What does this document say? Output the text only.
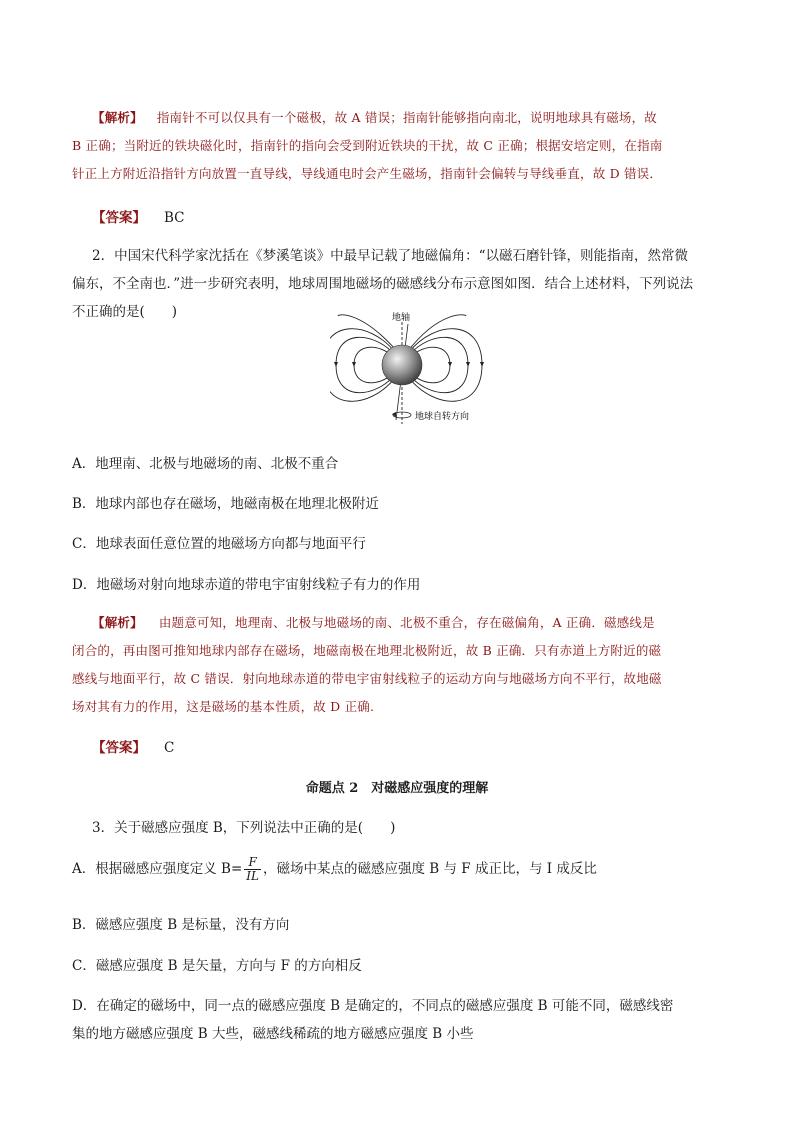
【解析】 指南针不可以仅具有一个磁极，故 A 错误；指南针能够指向南北，说明地球具有磁场，故
B 正确；当附近的铁块磁化时，指南针的指向会受到附近铁块的干扰，故 C 正确；根据安培定则，在指南
针正上方附近沿指针方向放置一直导线，导线通电时会产生磁场，指南针会偏转与导线垂直，故 D 错误．
【答案】 BC
2．中国宋代科学家沈括在《梦溪笔谈》中最早记载了地磁偏角：“以磁石磨针锋，则能指南，然常微
偏东，不全南也．”进一步研究表明，地球周围地磁场的磁感线分布示意图如图．结合上述材料，下列说法
不正确的是(　　)	地轴
地球自转方向
A．地理南、北极与地磁场的南、北极不重合
B．地球内部也存在磁场，地磁南极在地理北极附近
C．地球表面任意位置的地磁场方向都与地面平行
D．地磁场对射向地球赤道的带电宇宙射线粒子有力的作用
【解析】 由题意可知，地理南、北极与地磁场的南、北极不重合，存在磁偏角，A 正确．磁感线是
闭合的，再由图可推知地球内部存在磁场，地磁南极在地理北极附近，故 B 正确．只有赤道上方附近的磁
感线与地面平行，故 C 错误．射向地球赤道的带电宇宙射线粒子的运动方向与地磁场方向不平行，故地磁
场对其有力的作用，这是磁场的基本性质，故 D 正确.
【答案】 C
命题点 2　对磁感应强度的理解
3．关于磁感应强度 B，下列说法中正确的是(　　)
A．根据磁感应强度定义 $B= \frac{F}{IL}$ ，磁场中某点的磁感应强度 B 与 F 成正比，与 I 成反比
B．磁感应强度 B 是标量，没有方向
C．磁感应强度 B 是矢量，方向与 F 的方向相反
D．在确定的磁场中，同一点的磁感应强度 B 是确定的，不同点的磁感应强度 B 可能不同，磁感线密
集的地方磁感应强度 B 大些，磁感线稀疏的地方磁感应强度 B 小些
